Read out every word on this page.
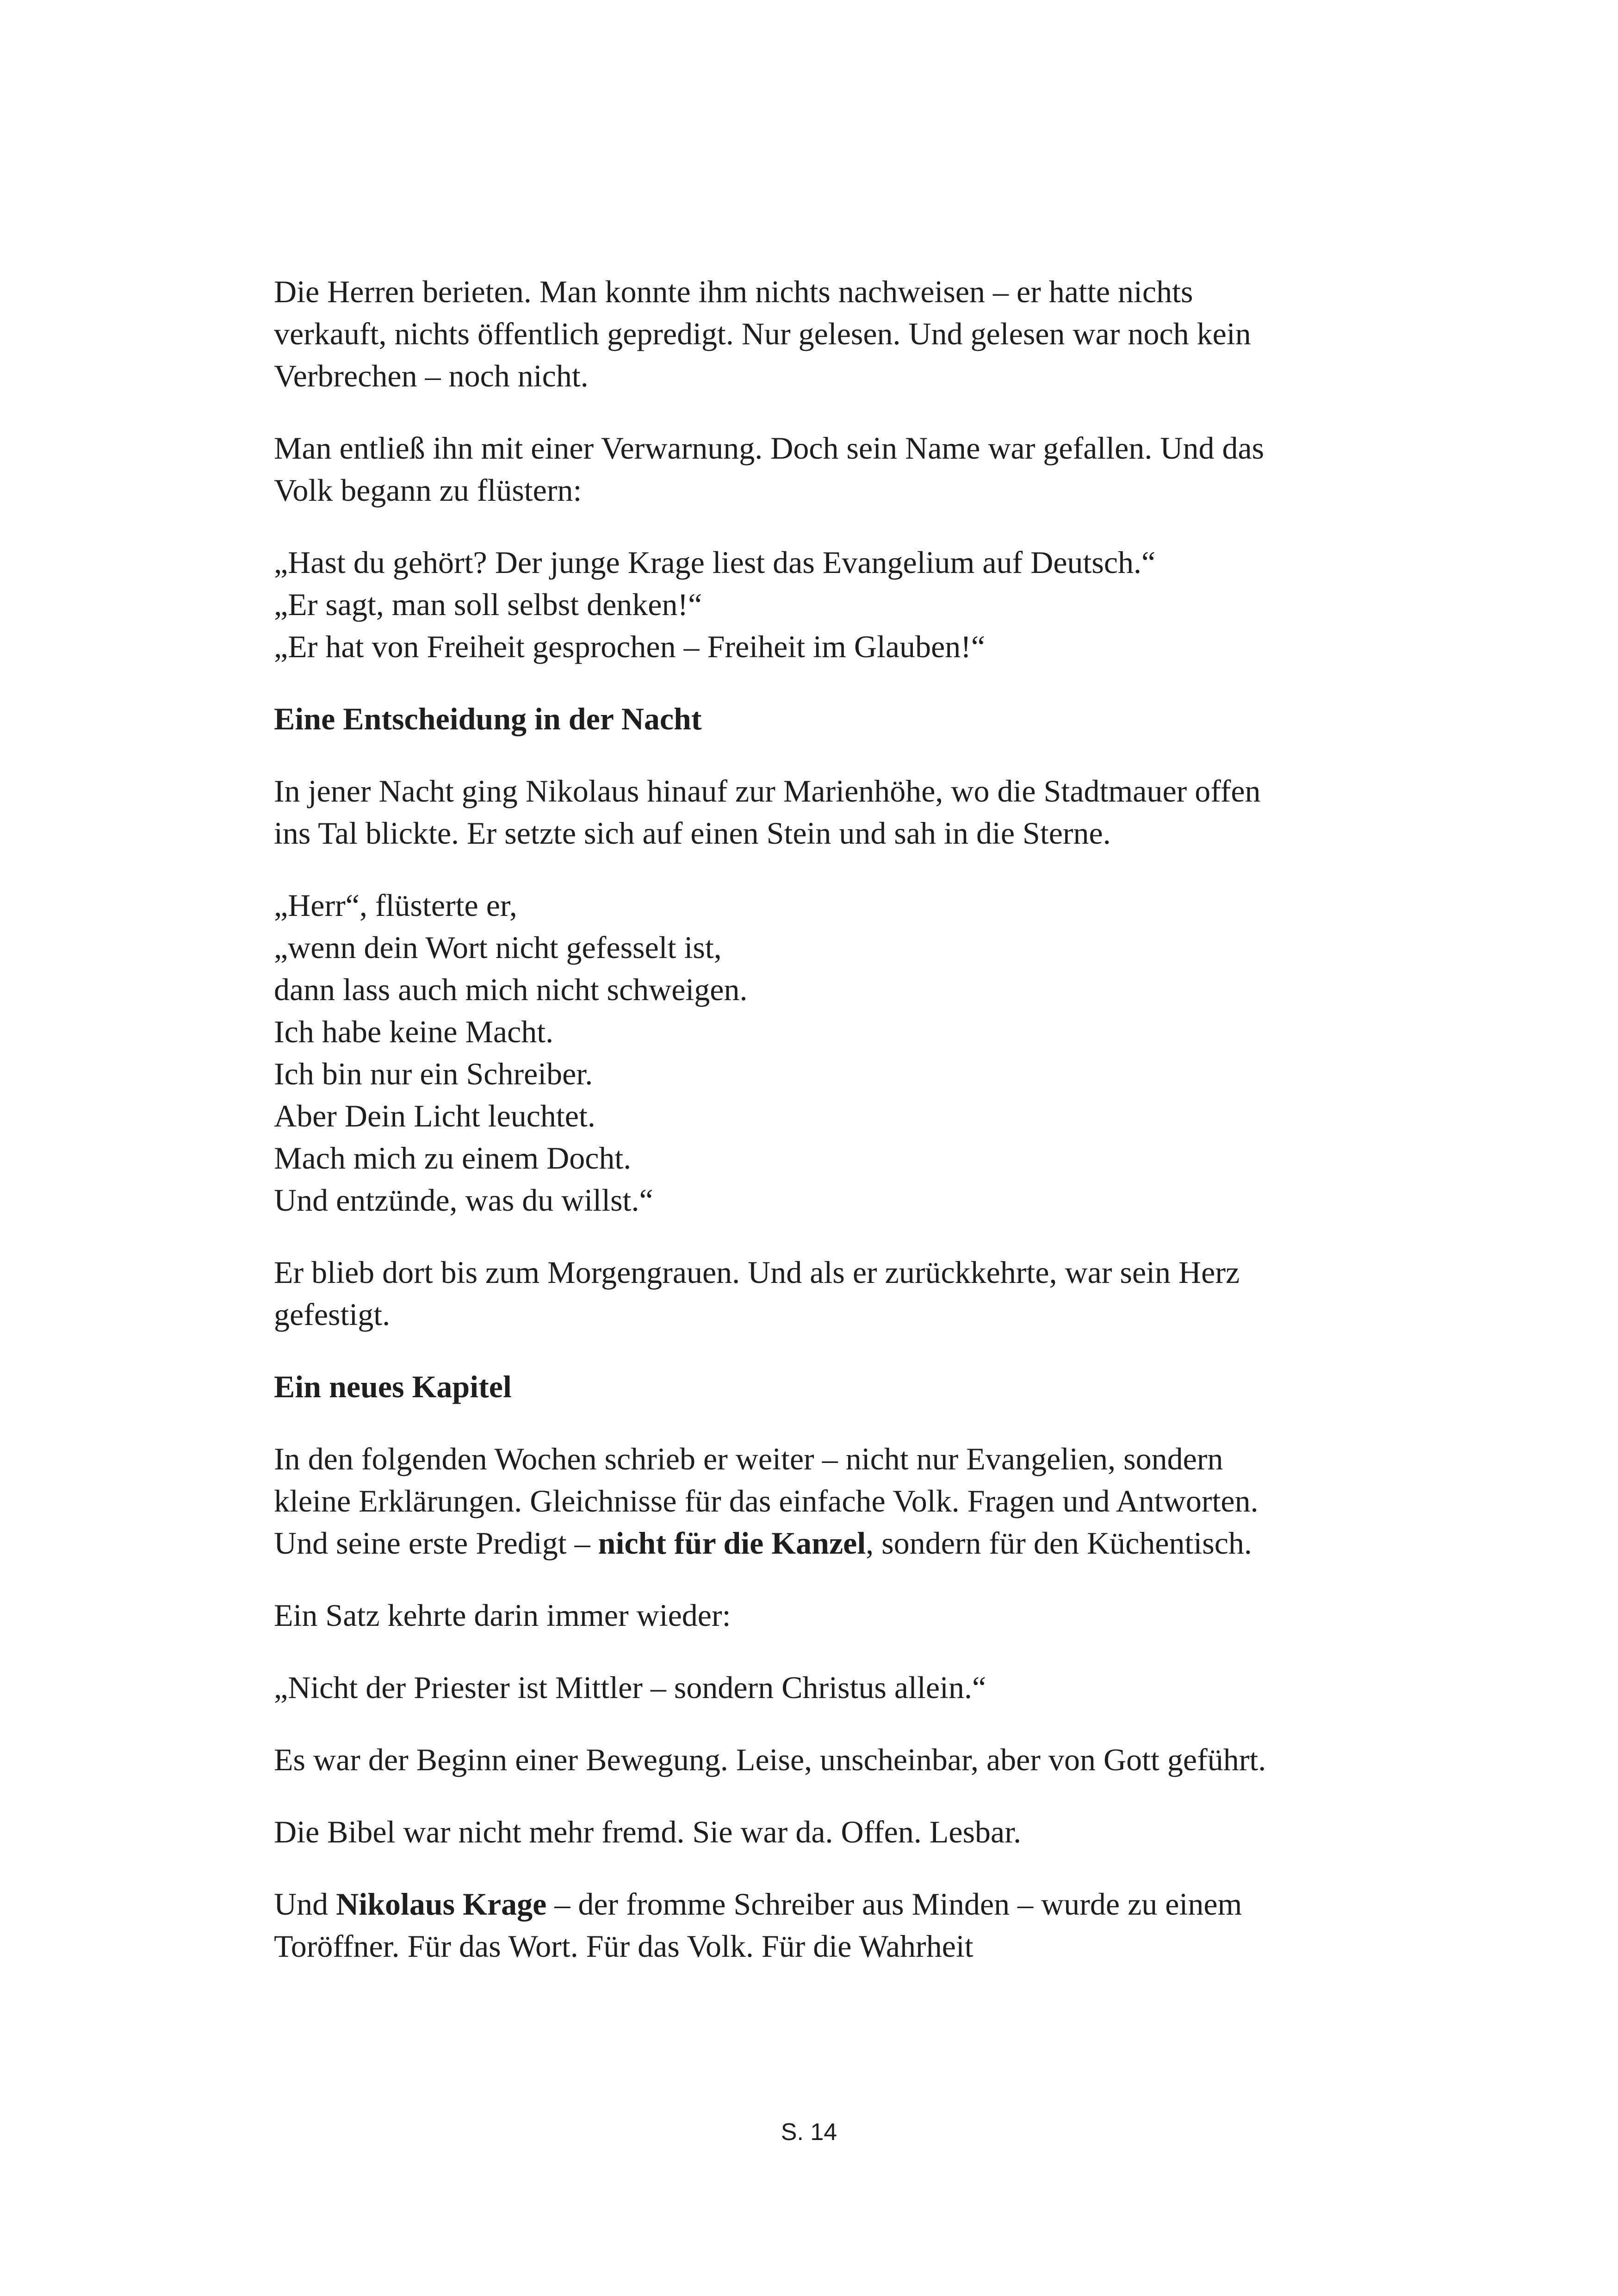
Die Herren berieten. Man konnte ihm nichts nachweisen – er hatte nichts
verkauft, nichts öffentlich gepredigt. Nur gelesen. Und gelesen war noch kein
Verbrechen – noch nicht.

Man entließ ihn mit einer Verwarnung. Doch sein Name war gefallen. Und das
Volk begann zu flüstern:

„Hast du gehört? Der junge Krage liest das Evangelium auf Deutsch.“
„Er sagt, man soll selbst denken!“
„Er hat von Freiheit gesprochen – Freiheit im Glauben!“

Eine Entscheidung in der Nacht

In jener Nacht ging Nikolaus hinauf zur Marienhöhe, wo die Stadtmauer offen
ins Tal blickte. Er setzte sich auf einen Stein und sah in die Sterne.

„Herr“, flüsterte er,
„wenn dein Wort nicht gefesselt ist,
dann lass auch mich nicht schweigen.
Ich habe keine Macht.
Ich bin nur ein Schreiber.
Aber Dein Licht leuchtet.
Mach mich zu einem Docht.
Und entzünde, was du willst.“

Er blieb dort bis zum Morgengrauen. Und als er zurückkehrte, war sein Herz
gefestigt.

Ein neues Kapitel

In den folgenden Wochen schrieb er weiter – nicht nur Evangelien, sondern
kleine Erklärungen. Gleichnisse für das einfache Volk. Fragen und Antworten.
Und seine erste Predigt – nicht für die Kanzel, sondern für den Küchentisch.

Ein Satz kehrte darin immer wieder:

„Nicht der Priester ist Mittler – sondern Christus allein.“

Es war der Beginn einer Bewegung. Leise, unscheinbar, aber von Gott geführt.

Die Bibel war nicht mehr fremd. Sie war da. Offen. Lesbar.

Und Nikolaus Krage – der fromme Schreiber aus Minden – wurde zu einem
Toröffner. Für das Wort. Für das Volk. Für die Wahrheit

S. 14
